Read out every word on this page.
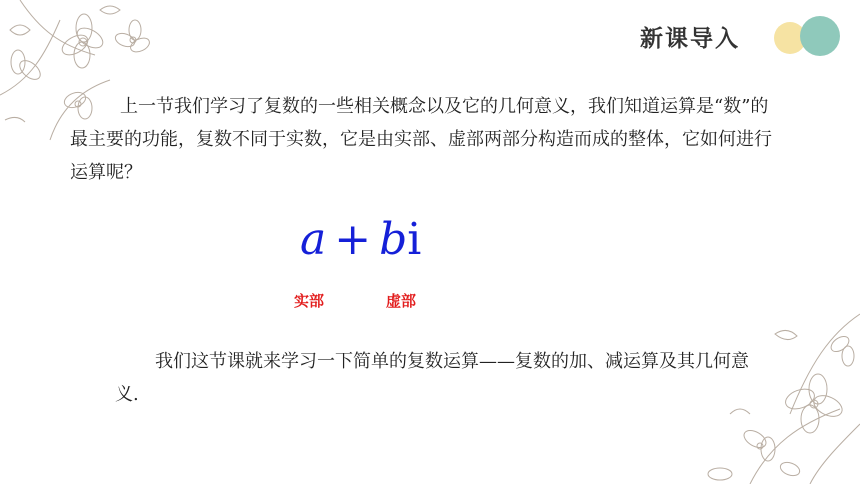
新课导入

上一节我们学习了复数的一些相关概念以及它的几何意义，我们知道运算是“数”的最主要的功能，复数不同于实数，它是由实部、虚部两部分构造而成的整体，它如何进行运算呢？

a + bi
实部	虚部

我们这节课就来学习一下简单的复数运算——复数的加、减运算及其几何意义.
